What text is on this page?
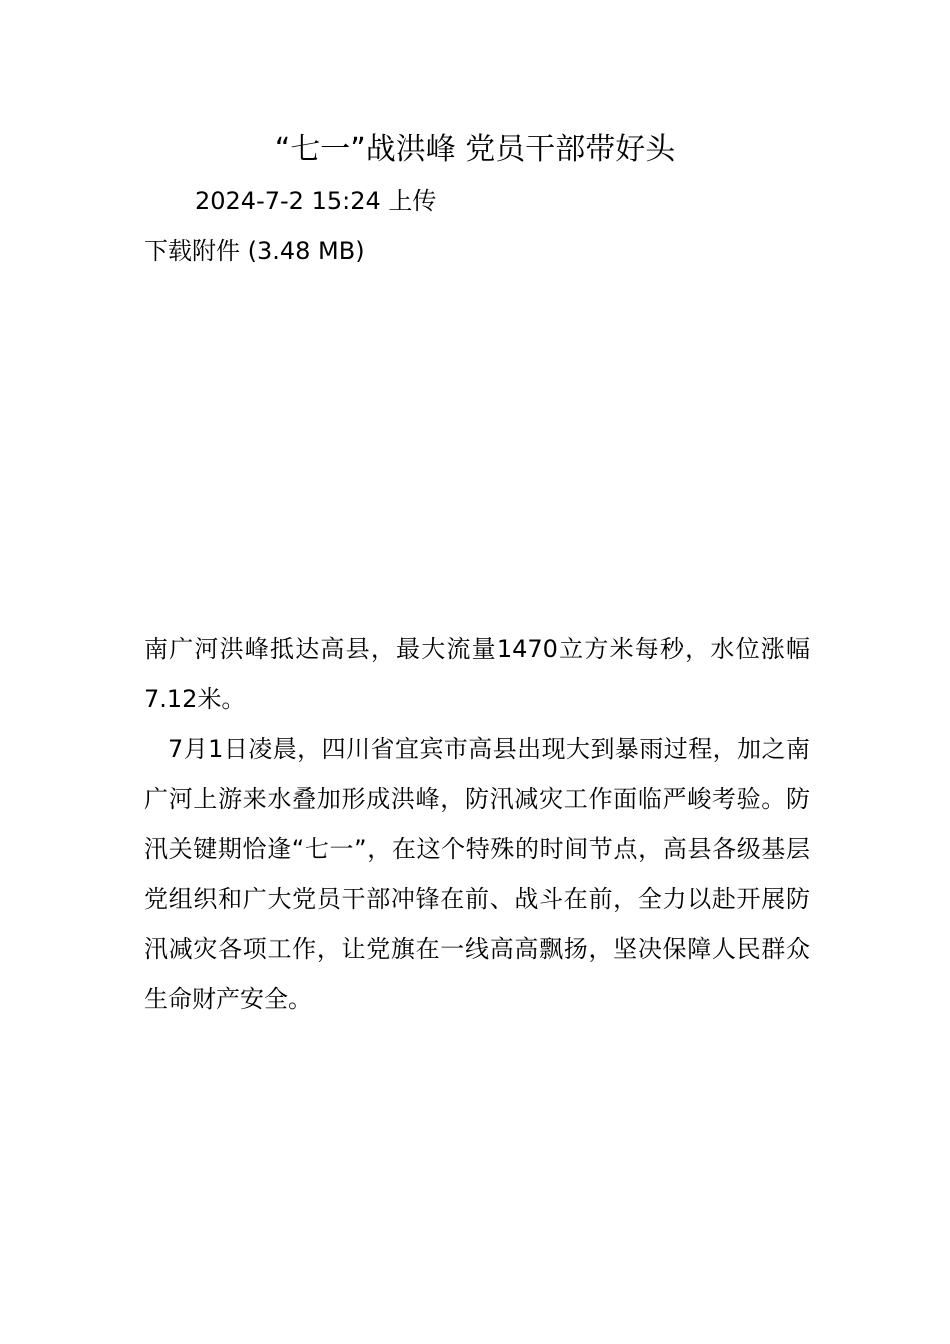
“七一”战洪峰 党员干部带好头
2024-7-2 15:24 上传
下载附件 (3.48 MB)

南广河洪峰抵达高县，最大流量1470立方米每秒，水位涨幅7.12米。

7月1日凌晨，四川省宜宾市高县出现大到暴雨过程，加之南广河上游来水叠加形成洪峰，防汛减灾工作面临严峻考验。防汛关键期恰逢“七一”，在这个特殊的时间节点，高县各级基层党组织和广大党员干部冲锋在前、战斗在前，全力以赴开展防汛减灾各项工作，让党旗在一线高高飘扬，坚决保障人民群众生命财产安全。
